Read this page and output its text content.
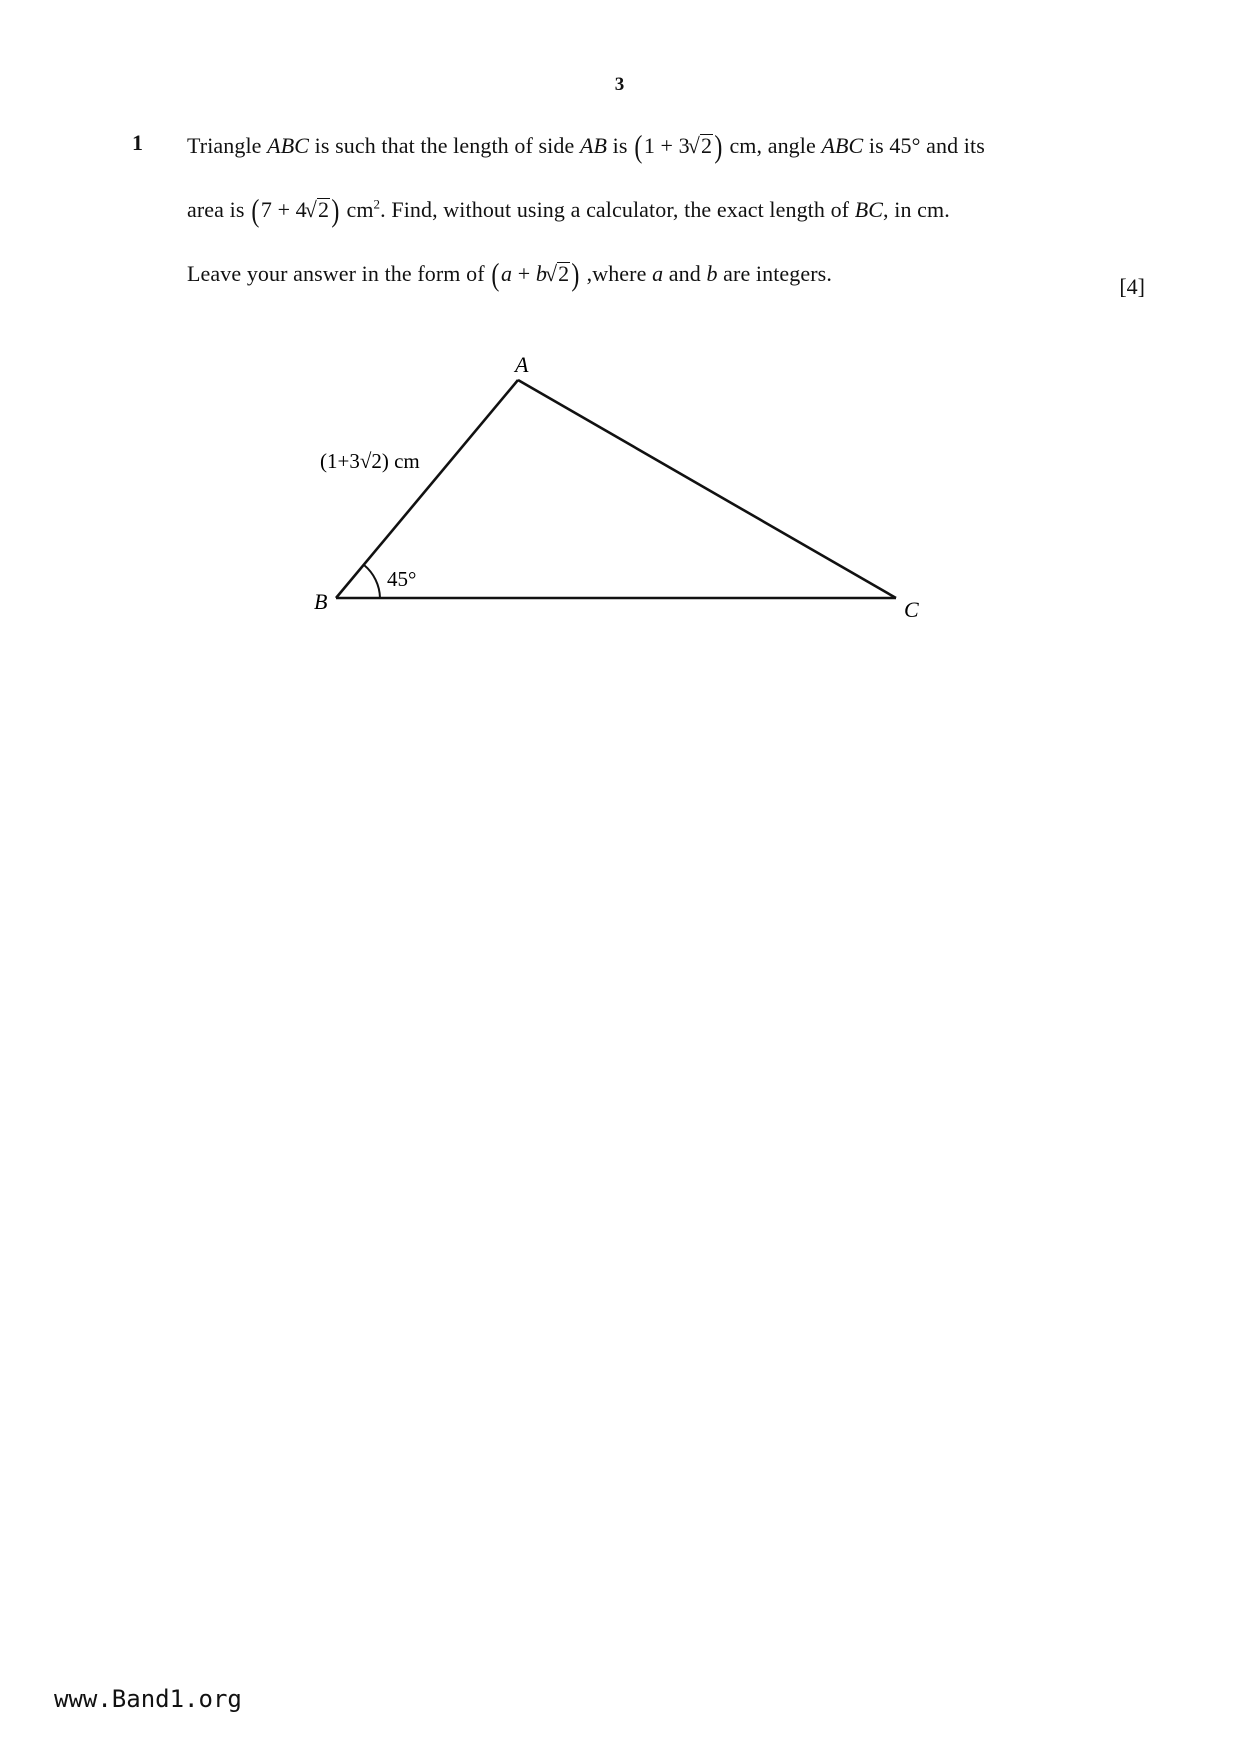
3
1 Triangle ABC is such that the length of side AB is (1 + 3√2) cm, angle ABC is 45° and its
area is (7 + 4√2) $cm^2$. Find, without using a calculator, the exact length of BC, in cm.
Leave your answer in the form of (a + b√2) ,where a and b are integers.
[4]
A
B	C
(1+3√2) cm
45°
www.Band1.org
